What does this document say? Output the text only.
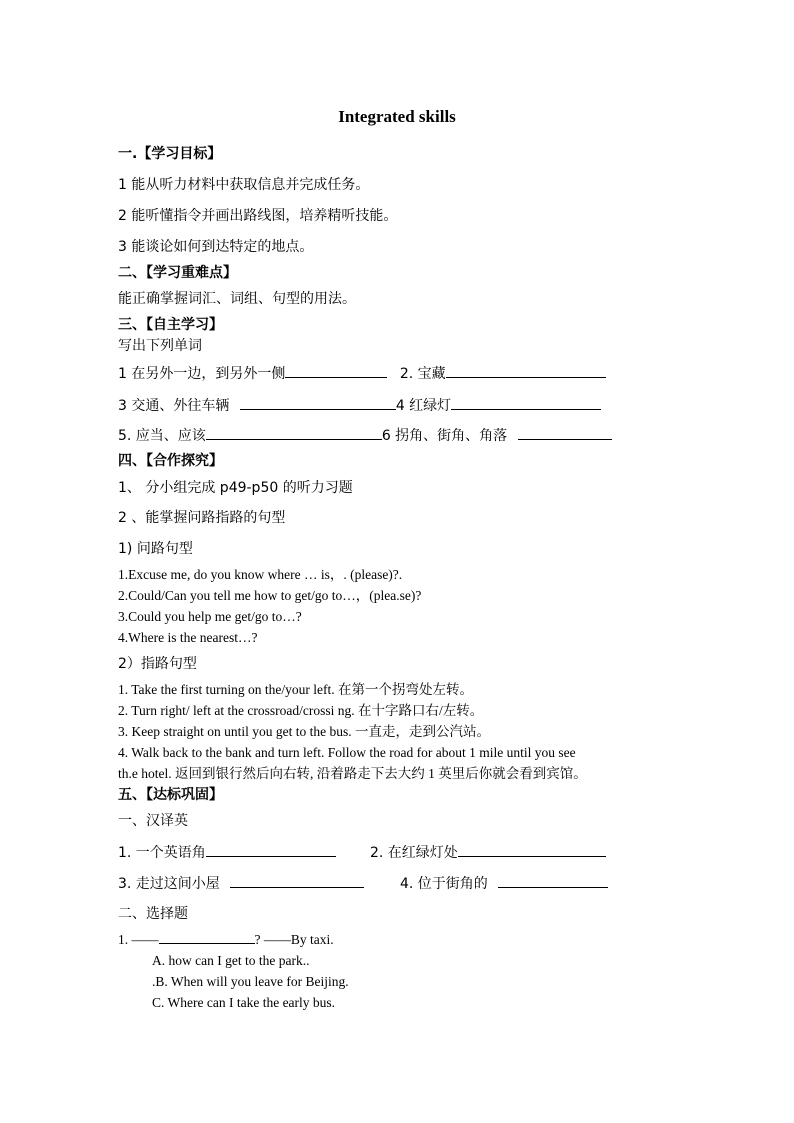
Integrated skills
一.【学习目标】
1 能从听力材料中获取信息并完成任务。
2 能听懂指令并画出路线图，培养精听技能。
3 能谈论如何到达特定的地点。
二、【学习重难点】
能正确掌握词汇、词组、句型的用法。
三、【自主学习】
写出下列单词
1 在另外一边，到另外一侧	2. 宝藏
3 交通、外往车辆	4 红绿灯
5. 应当、应该	6 拐角、街角、角落
四、【合作探究】
1、 分小组完成 p49-p50 的听力习题
2 、能掌握问路指路的句型
1) 问路句型
1.Excuse me, do you know where … is，. (please)?.
2.Could/Can you tell me how to get/go to…，(plea.se)?
3.Could you help me get/go to…?
4.Where is the nearest…?
2）指路句型
1. Take the first turning on the/your left. 在第一个拐弯处左转。
2. Turn right/ left at the crossroad/crossi ng. 在十字路口右/左转。
3. Keep straight on until you get to the bus. 一直走，走到公汽站。
4. Walk back to the bank and turn left. Follow the road for about 1 mile until you see
th.e hotel. 返回到银行然后向右转, 沿着路走下去大约 1 英里后你就会看到宾馆。
五、【达标巩固】
一、汉译英
1. 一个英语角	2. 在红绿灯处
3. 走过这间小屋	4. 位于街角的
二、选择题
1. ——	? ——By taxi.
A. how can I get to the park..
.B. When will you leave for Beijing.
C. Where can I take the early bus.
